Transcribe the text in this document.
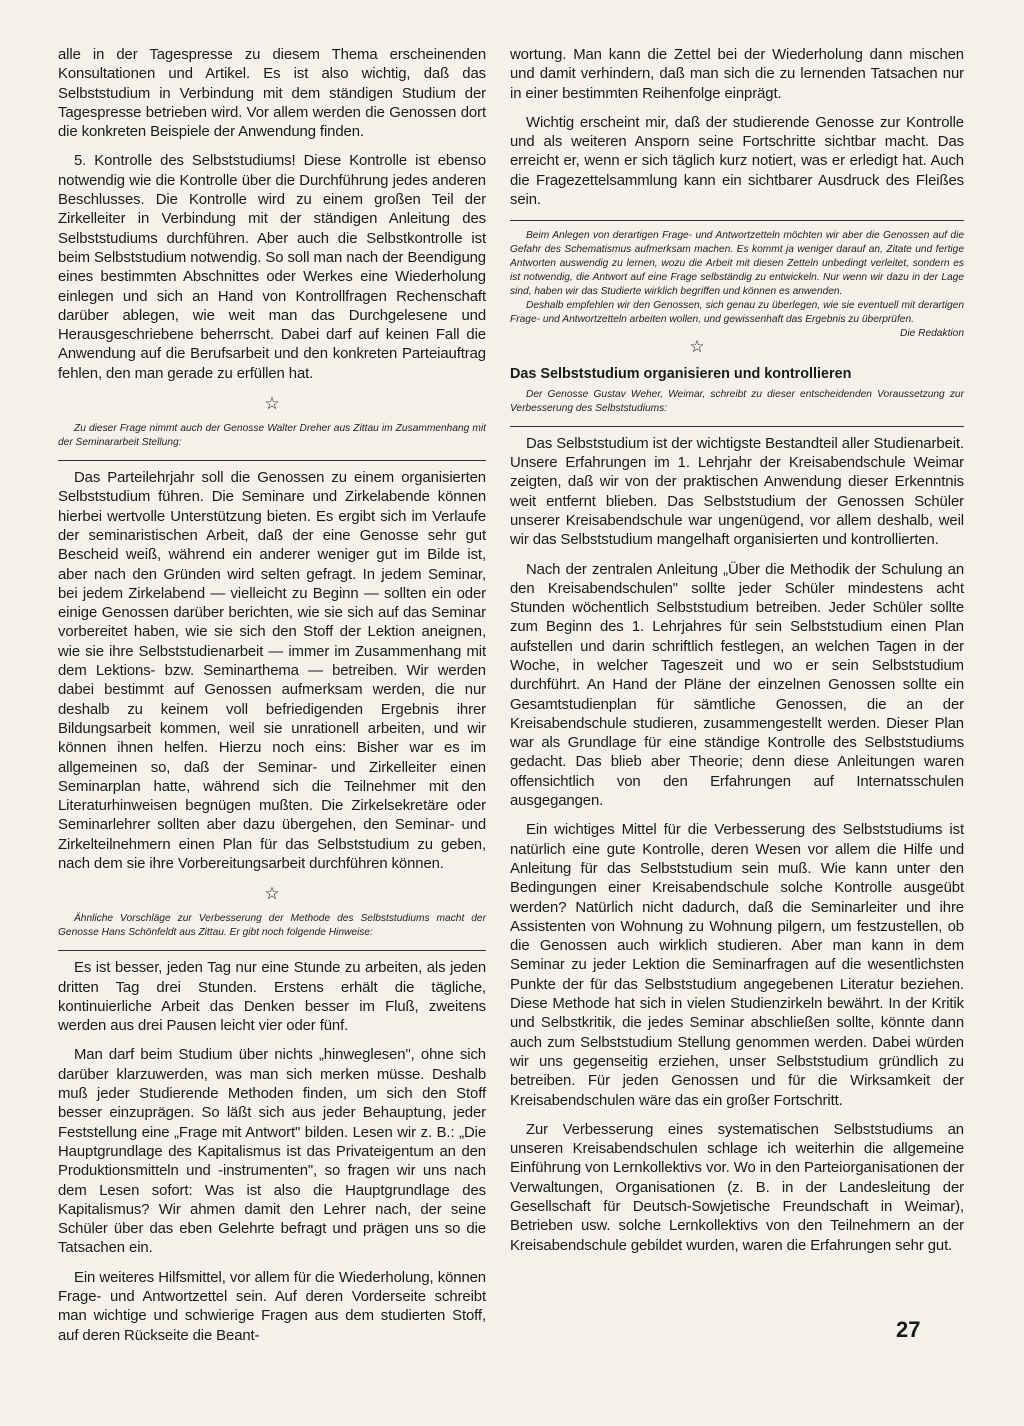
alle in der Tagespresse zu diesem Thema erscheinenden Konsultationen und Artikel. Es ist also wichtig, daß das Selbststudium in Verbindung mit dem ständigen Studium der Tagespresse betrieben wird. Vor allem werden die Genossen dort die konkreten Beispiele der Anwendung finden.

5. Kontrolle des Selbststudiums! Diese Kontrolle ist ebenso notwendig wie die Kontrolle über die Durchführung jedes anderen Beschlusses. Die Kontrolle wird zu einem großen Teil der Zirkelleiter in Verbindung mit der ständigen Anleitung des Selbststudiums durchführen. Aber auch die Selbstkontrolle ist beim Selbststudium notwendig. So soll man nach der Beendigung eines bestimmten Abschnittes oder Werkes eine Wiederholung einlegen und sich an Hand von Kontrollfragen Rechenschaft darüber ablegen, wie weit man das Durchgelesene und Herausgeschriebene beherrscht. Dabei darf auf keinen Fall die Anwendung auf die Berufsarbeit und den konkreten Parteiauftrag fehlen, den man gerade zu erfüllen hat.

☆

Zu dieser Frage nimmt auch der Genosse Walter Dreher aus Zittau im Zusammenhang mit der Seminararbeit Stellung:

Das Parteilehrjahr soll die Genossen zu einem organisierten Selbststudium führen. Die Seminare und Zirkelabende können hierbei wertvolle Unterstützung bieten. Es ergibt sich im Verlaufe der seminaristischen Arbeit, daß der eine Genosse sehr gut Bescheid weiß, während ein anderer weniger gut im Bilde ist, aber nach den Gründen wird selten gefragt. In jedem Seminar, bei jedem Zirkelabend — vielleicht zu Beginn — sollten ein oder einige Genossen darüber berichten, wie sie sich auf das Seminar vorbereitet haben, wie sie sich den Stoff der Lektion aneignen, wie sie ihre Selbststudienarbeit — immer im Zusammenhang mit dem Lektions- bzw. Seminarthema — betreiben. Wir werden dabei bestimmt auf Genossen aufmerksam werden, die nur deshalb zu keinem voll befriedigenden Ergebnis ihrer Bildungsarbeit kommen, weil sie unrationell arbeiten, und wir können ihnen helfen. Hierzu noch eins: Bisher war es im allgemeinen so, daß der Seminar- und Zirkelleiter einen Seminarplan hatte, während sich die Teilnehmer mit den Literaturhinweisen begnügen mußten. Die Zirkelsekretäre oder Seminarlehrer sollten aber dazu übergehen, den Seminar- und Zirkelteilnehmern einen Plan für das Selbststudium zu geben, nach dem sie ihre Vorbereitungsarbeit durchführen können.

☆

Ähnliche Vorschläge zur Verbesserung der Methode des Selbststudiums macht der Genosse Hans Schönfeldt aus Zittau. Er gibt noch folgende Hinweise:

Es ist besser, jeden Tag nur eine Stunde zu arbeiten, als jeden dritten Tag drei Stunden. Erstens erhält die tägliche, kontinuierliche Arbeit das Denken besser im Fluß, zweitens werden aus drei Pausen leicht vier oder fünf.

Man darf beim Studium über nichts „hinweglesen", ohne sich darüber klarzuwerden, was man sich merken müsse. Deshalb muß jeder Studierende Methoden finden, um sich den Stoff besser einzuprägen. So läßt sich aus jeder Behauptung, jeder Feststellung eine „Frage mit Antwort" bilden. Lesen wir z. B.: „Die Hauptgrundlage des Kapitalismus ist das Privateigentum an den Produktionsmitteln und -instrumenten", so fragen wir uns nach dem Lesen sofort: Was ist also die Hauptgrundlage des Kapitalismus? Wir ahmen damit den Lehrer nach, der seine Schüler über das eben Gelehrte befragt und prägen uns so die Tatsachen ein.

Ein weiteres Hilfsmittel, vor allem für die Wiederholung, können Frage- und Antwortzettel sein. Auf deren Vorderseite schreibt man wichtige und schwierige Fragen aus dem studierten Stoff, auf deren Rückseite die Beant-

wortung. Man kann die Zettel bei der Wiederholung dann mischen und damit verhindern, daß man sich die zu lernenden Tatsachen nur in einer bestimmten Reihenfolge einprägt.

Wichtig erscheint mir, daß der studierende Genosse zur Kontrolle und als weiteren Ansporn seine Fortschritte sichtbar macht. Das erreicht er, wenn er sich täglich kurz notiert, was er erledigt hat. Auch die Fragezettelsammlung kann ein sichtbarer Ausdruck des Fleißes sein.

Beim Anlegen von derartigen Frage- und Antwortzetteln möchten wir aber die Genossen auf die Gefahr des Schematismus aufmerksam machen. Es kommt ja weniger darauf an, Zitate und fertige Antworten auswendig zu lernen, wozu die Arbeit mit diesen Zetteln unbedingt verleitet, sondern es ist notwendig, die Antwort auf eine Frage selbständig zu entwickeln. Nur wenn wir dazu in der Lage sind, haben wir das Studierte wirklich begriffen und können es anwenden.

Deshalb empfehlen wir den Genossen, sich genau zu überlegen, wie sie eventuell mit derartigen Frage- und Antwortzetteln arbeiten wollen, und gewissenhaft das Ergebnis zu überprüfen.
Die Redaktion

☆
Das Selbststudium organisieren und kontrollieren

Der Genosse Gustav Weher, Weimar, schreibt zu dieser entscheidenden Voraussetzung zur Verbesserung des Selbststudiums:

Das Selbststudium ist der wichtigste Bestandteil aller Studienarbeit. Unsere Erfahrungen im 1. Lehrjahr der Kreisabendschule Weimar zeigten, daß wir von der praktischen Anwendung dieser Erkenntnis weit entfernt blieben. Das Selbststudium der Genossen Schüler unserer Kreisabendschule war ungenügend, vor allem deshalb, weil wir das Selbststudium mangelhaft organisierten und kontrollierten.

Nach der zentralen Anleitung „Über die Methodik der Schulung an den Kreisabendschulen" sollte jeder Schüler mindestens acht Stunden wöchentlich Selbststudium betreiben. Jeder Schüler sollte zum Beginn des 1. Lehrjahres für sein Selbststudium einen Plan aufstellen und darin schriftlich festlegen, an welchen Tagen in der Woche, in welcher Tageszeit und wo er sein Selbststudium durchführt. An Hand der Pläne der einzelnen Genossen sollte ein Gesamtstudienplan für sämtliche Genossen, die an der Kreisabendschule studieren, zusammengestellt werden. Dieser Plan war als Grundlage für eine ständige Kontrolle des Selbststudiums gedacht. Das blieb aber Theorie; denn diese Anleitungen waren offensichtlich von den Erfahrungen auf Internatsschulen ausgegangen.

Ein wichtiges Mittel für die Verbesserung des Selbststudiums ist natürlich eine gute Kontrolle, deren Wesen vor allem die Hilfe und Anleitung für das Selbststudium sein muß. Wie kann unter den Bedingungen einer Kreisabendschule solche Kontrolle ausgeübt werden? Natürlich nicht dadurch, daß die Seminarleiter und ihre Assistenten von Wohnung zu Wohnung pilgern, um festzustellen, ob die Genossen auch wirklich studieren. Aber man kann in dem Seminar zu jeder Lektion die Seminarfragen auf die wesentlichsten Punkte der für das Selbststudium angegebenen Literatur beziehen. Diese Methode hat sich in vielen Studienzirkeln bewährt. In der Kritik und Selbstkritik, die jedes Seminar abschließen sollte, könnte dann auch zum Selbststudium Stellung genommen werden. Dabei würden wir uns gegenseitig erziehen, unser Selbststudium gründlich zu betreiben. Für jeden Genossen und für die Wirksamkeit der Kreisabendschulen wäre das ein großer Fortschritt.

Zur Verbesserung eines systematischen Selbststudiums an unseren Kreisabendschulen schlage ich weiterhin die allgemeine Einführung von Lernkollektivs vor. Wo in den Parteiorganisationen der Verwaltungen, Organisationen (z. B. in der Landesleitung der Gesellschaft für Deutsch-Sowjetische Freundschaft in Weimar), Betrieben usw. solche Lernkollektivs von den Teilnehmern an der Kreisabendschule gebildet wurden, waren die Erfahrungen sehr gut.

27
